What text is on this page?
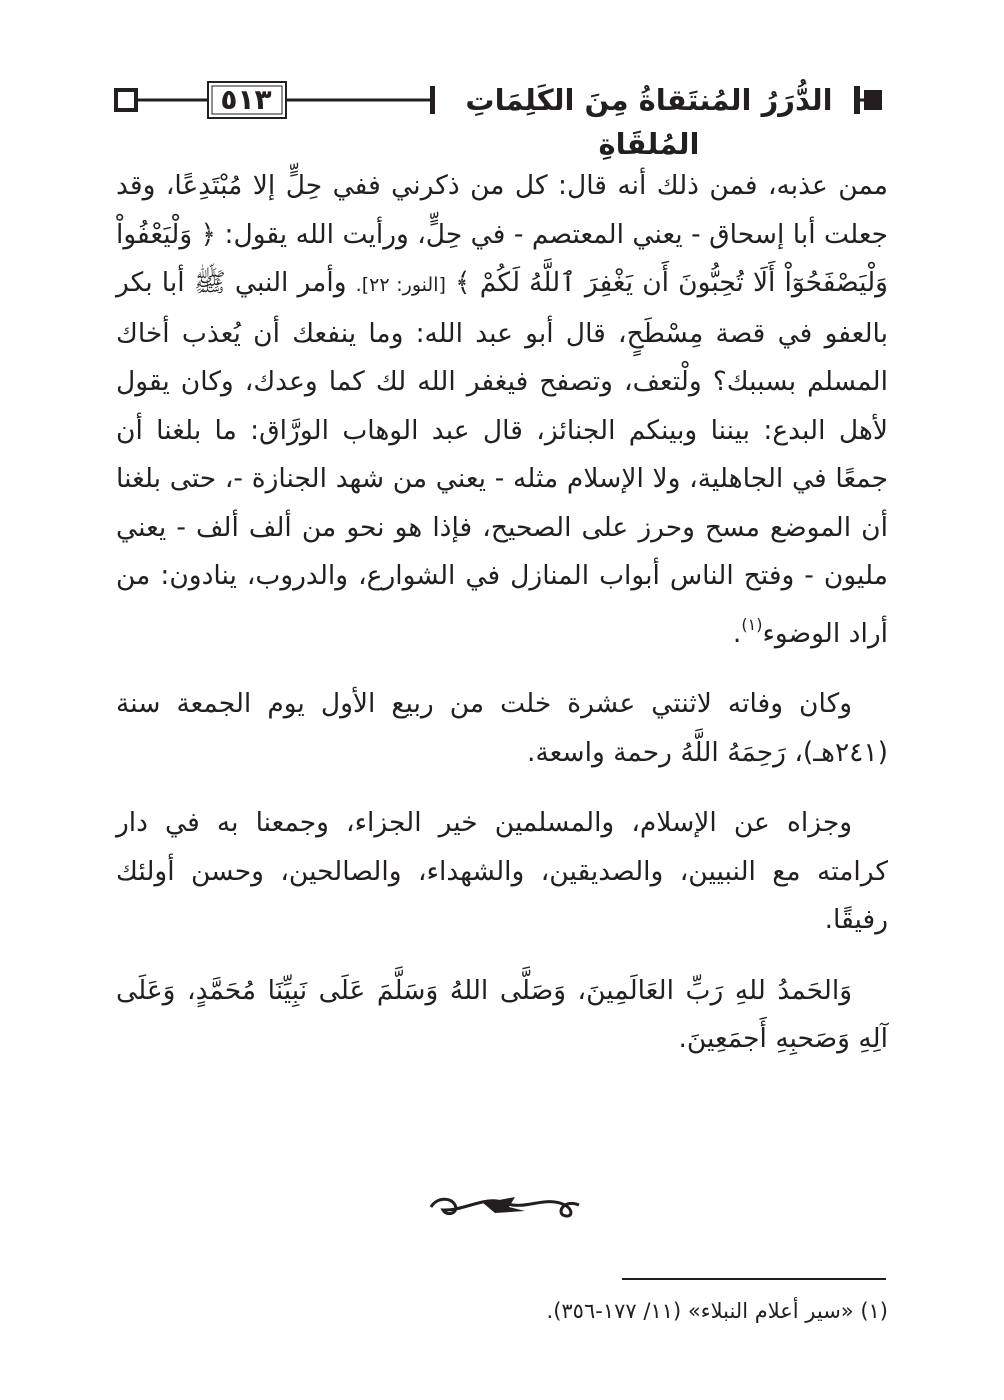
٥١٣	الدُّرَرُ المُنتَقاةُ مِنَ الكَلِمَاتِ المُلقَاةِ

ممن عذبه، فمن ذلك أنه قال: كل من ذكرني ففي حِلٍّ إلا مُبْتَدِعًا، وقد جعلت أبا إسحاق - يعني المعتصم - في حِلٍّ، ورأيت الله يقول: ﴿ وَلْيَعْفُواْ وَلْيَصْفَحُوٓاْ أَلَا تُحِبُّونَ أَن يَغْفِرَ ٱللَّهُ لَكُمْ ﴾ [النور: ٢٢]. وأمر النبي ﷺ أبا بكر بالعفو في قصة مِسْطَحٍ، قال أبو عبد الله: وما ينفعك أن يُعذب أخاك المسلم بسببك؟ ولْتعف، وتصفح فيغفر الله لك كما وعدك، وكان يقول لأهل البدع: بيننا وبينكم الجنائز، قال عبد الوهاب الورَّاق: ما بلغنا أن جمعًا في الجاهلية، ولا الإسلام مثله - يعني من شهد الجنازة -، حتى بلغنا أن الموضع مسح وحرز على الصحيح، فإذا هو نحو من ألف ألف - يعني مليون - وفتح الناس أبواب المنازل في الشوارع، والدروب، ينادون: من أراد الوضوء$^{(١)}$.

وكان وفاته لاثنتي عشرة خلت من ربيع الأول يوم الجمعة سنة (٢٤١هـ)، رَحِمَهُ اللَّهُ رحمة واسعة.

وجزاه عن الإسلام، والمسلمين خير الجزاء، وجمعنا به في دار كرامته مع النبيين، والصديقين، والشهداء، والصالحين، وحسن أولئك رفيقًا.

وَالحَمدُ للهِ رَبِّ العَالَمِينَ، وَصَلَّى اللهُ وَسَلَّمَ عَلَى نَبِيِّنَا مُحَمَّدٍ، وَعَلَى آلِهِ وَصَحبِهِ أَجمَعِينَ.

(١) «سير أعلام النبلاء» (١١/ ١٧٧-٣٥٦).
